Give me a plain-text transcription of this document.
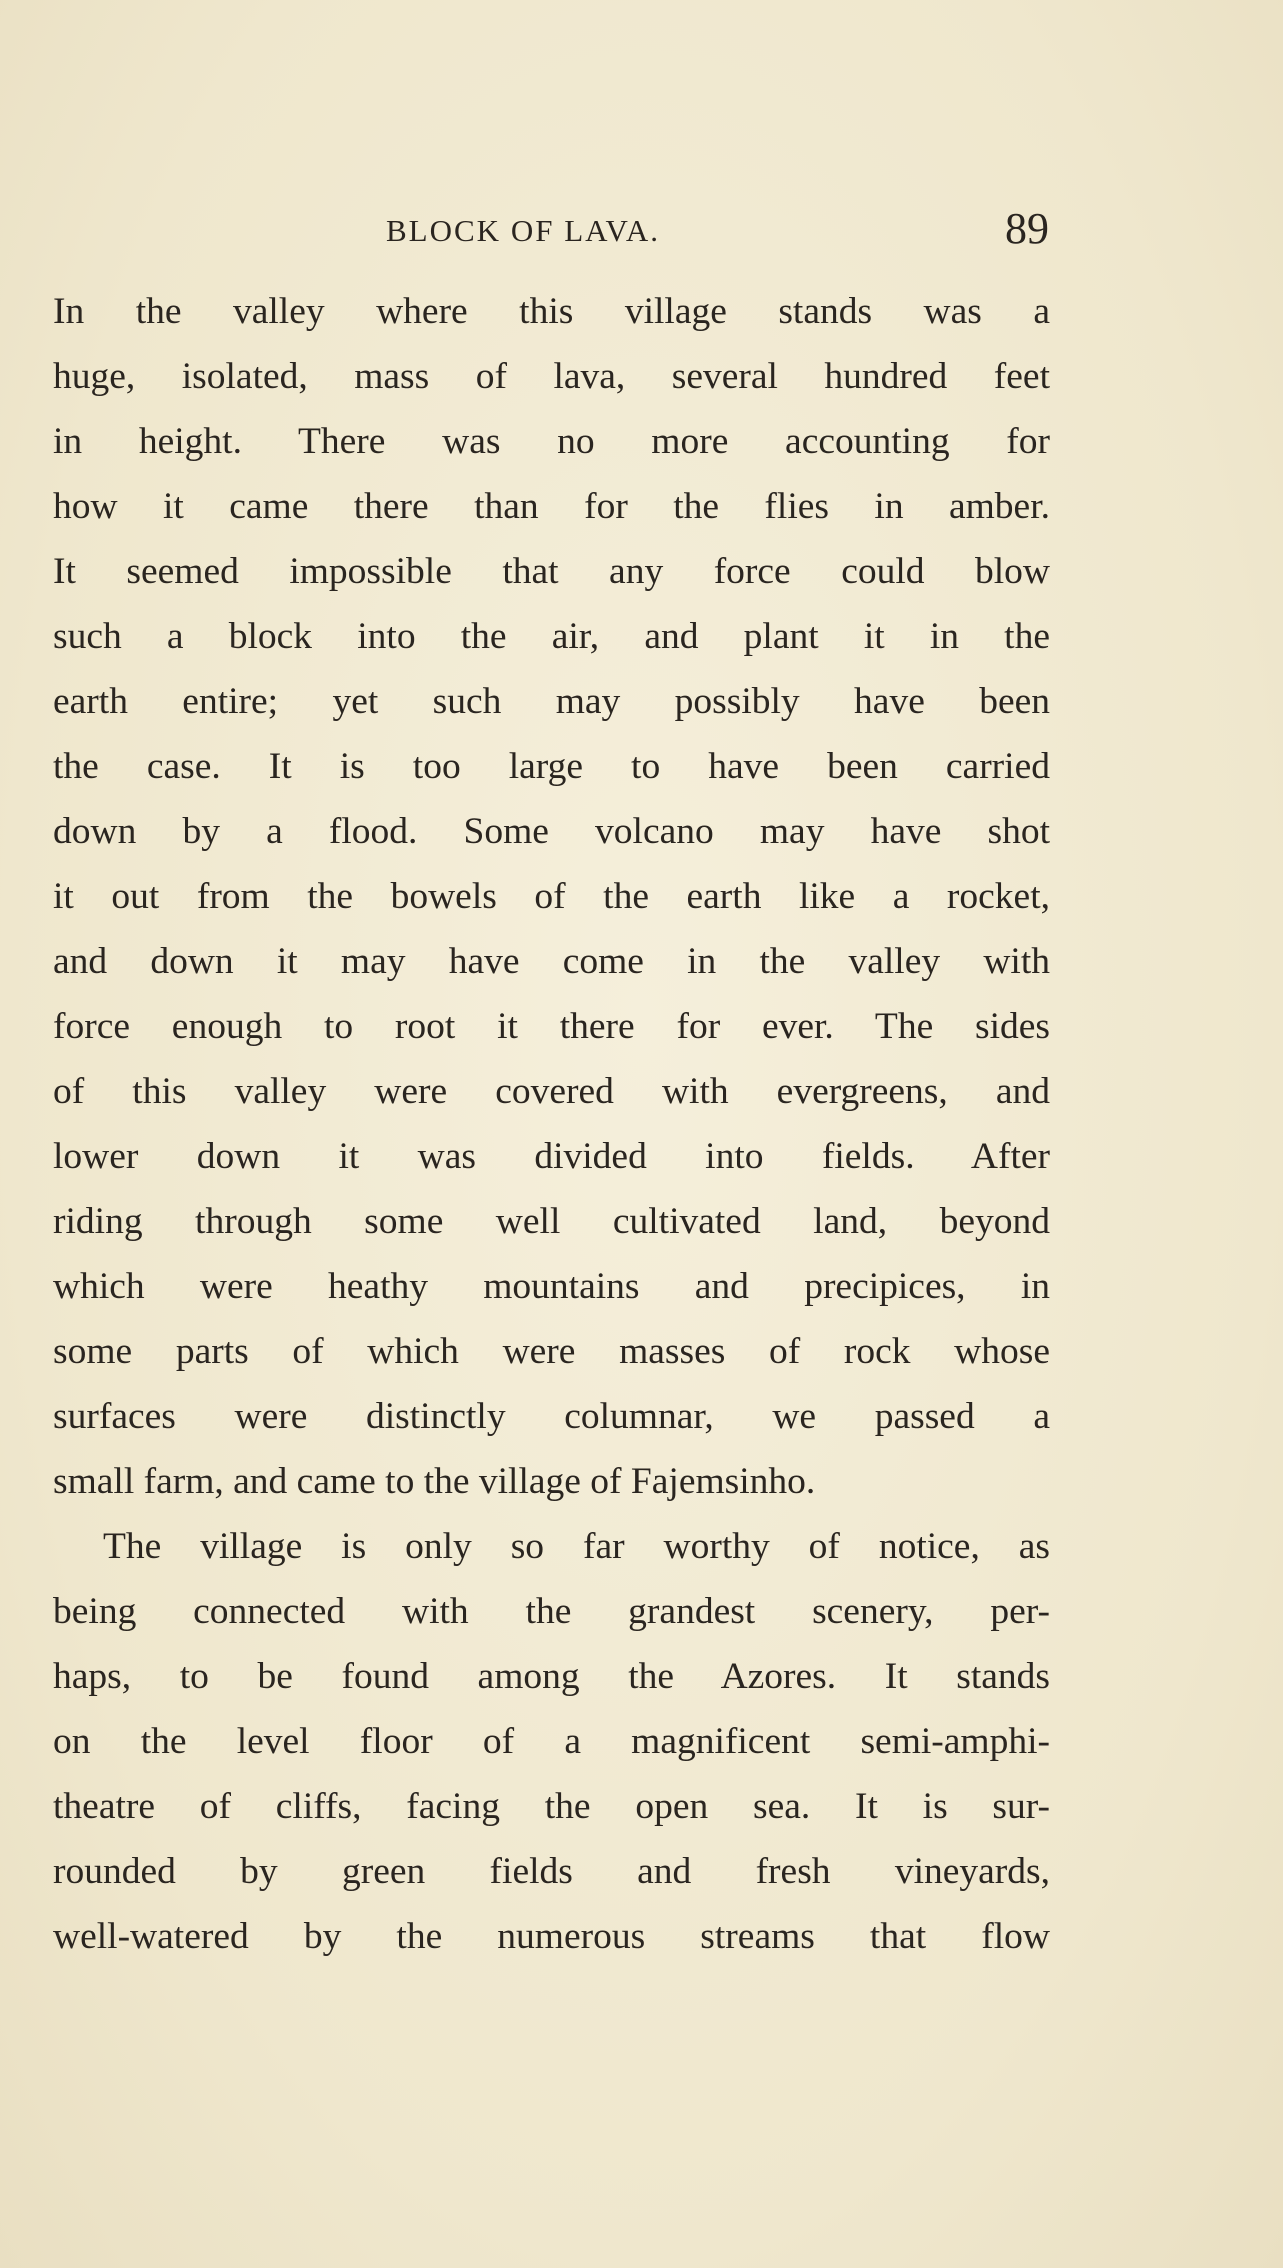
BLOCK OF LAVA.	89
In the valley where this village stands was a
huge, isolated, mass of lava, several hundred feet
in height. There was no more accounting for
how it came there than for the flies in amber.
It seemed impossible that any force could blow
such a block into the air, and plant it in the
earth entire; yet such may possibly have been
the case. It is too large to have been carried
down by a flood. Some volcano may have shot
it out from the bowels of the earth like a rocket,
and down it may have come in the valley with
force enough to root it there for ever. The sides
of this valley were covered with evergreens, and
lower down it was divided into fields. After
riding through some well cultivated land, beyond
which were heathy mountains and precipices, in
some parts of which were masses of rock whose
surfaces were distinctly columnar, we passed a
small farm, and came to the village of Fajemsinho.
The village is only so far worthy of notice, as
being connected with the grandest scenery, per-
haps, to be found among the Azores. It stands
on the level floor of a magnificent semi-amphi-
theatre of cliffs, facing the open sea. It is sur-
rounded by green fields and fresh vineyards,
well-watered by the numerous streams that flow
